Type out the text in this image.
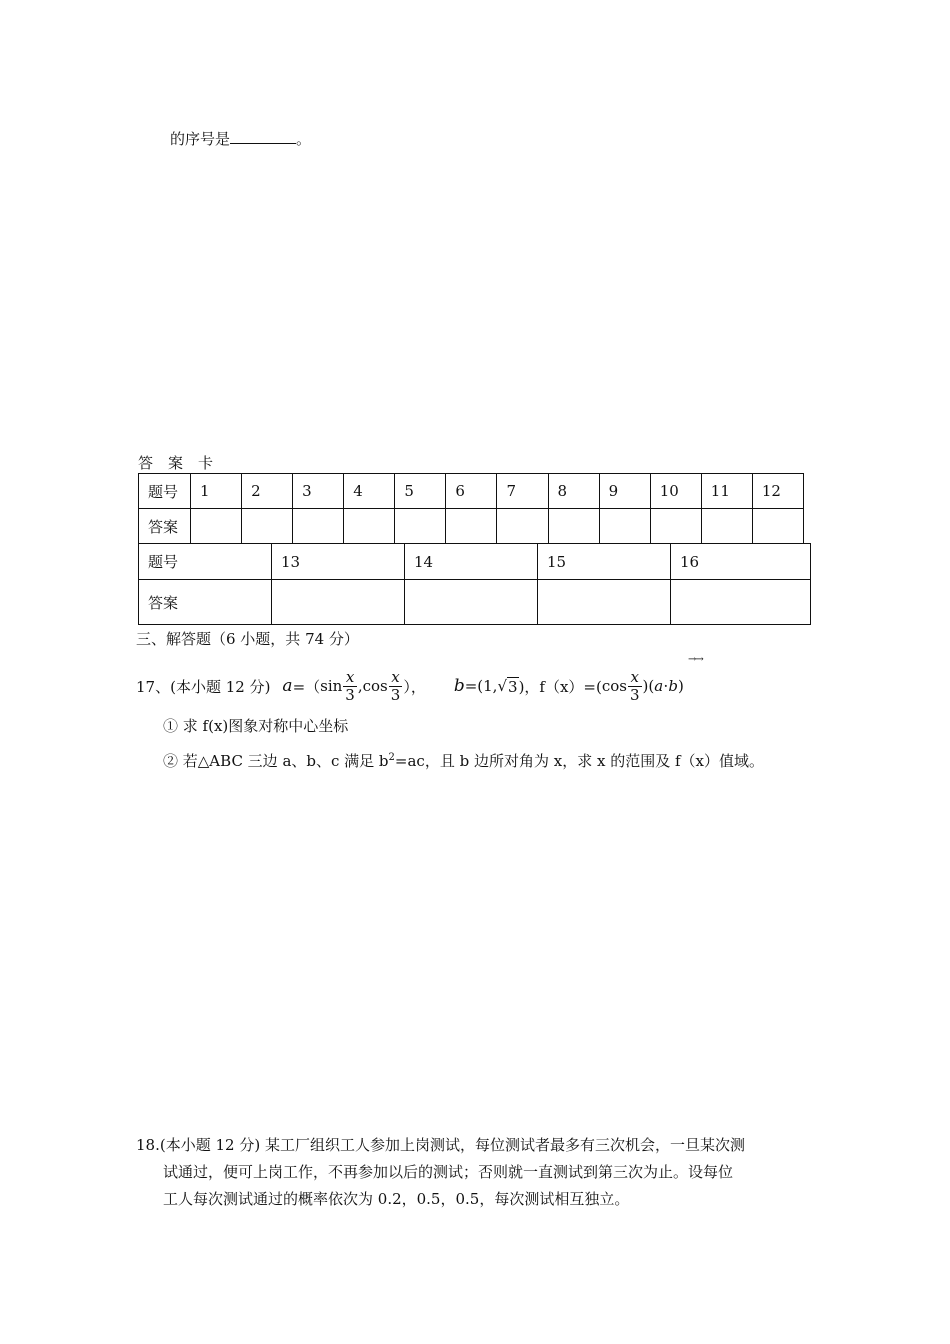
的序号是	。
答　案　卡
题号	1	2	3	4	5	6	7	8	9	10	11	12
答案												
题号	13	14	15	16
答案				
三、解答题（6 小题，共 74 分）
17、(本小题 12 分) a =（ $\sin \frac{x}{3}$ , $\cos \frac{x}{3}$ ）， b =(1, √ 3 )， f（x）=( $\cos \frac{x}{3}$ )( a ⋅ b )
→→
① 求 f(x)图象对称中心坐标
② 若△ABC 三边 a、b、c 满足 $b^2=ac$，且 b 边所对角为 x，求 x 的范围及 f（x）值域。
18.(本小题 12 分) 某工厂组织工人参加上岗测试，每位测试者最多有三次机会，一旦某次测
试通过，便可上岗工作，不再参加以后的测试；否则就一直测试到第三次为止。设每位
工人每次测试通过的概率依次为 0.2，0.5，0.5，每次测试相互独立。
